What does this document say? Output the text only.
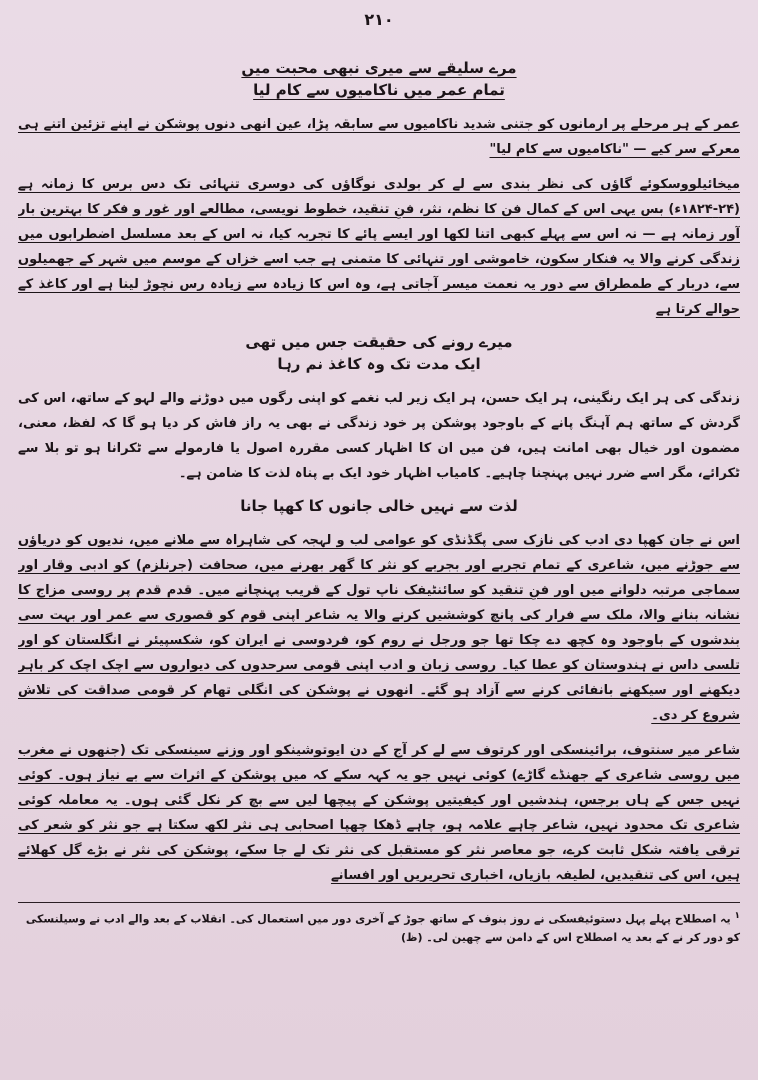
۲۱۰
مرے سلیقے سے میری نبھی محبت میں
تمام عمر میں ناکامیوں سے کام لیا

عمر کے ہر مرحلے پر ارمانوں کو جتنی شدید ناکامیوں سے سابقہ پڑا، عین انھی دنوں پوشکن نے اپنے تزئین اتنے ہی معرکے سر کیے — "ناکامیوں سے کام لیا"

میخائیلووسکوئے گاؤں کی نظر بندی سے لے کر بولدی نوگاؤں کی دوسری تنہائی تک دس برس کا زمانہ ہے (۲۴-۱۸۲۴ء) بس یہی اس کے کمال فن کا نظم، نثر، فنِ تنقید، خطوط نویسی، مطالعے اور غور و فکر کا بہترین بار آور زمانہ ہے — نہ اس سے پہلے کبھی اتنا لکھا اور ایسے پائے کا تجربہ کیا، نہ اس کے بعد مسلسل اضطرابوں میں زندگی کرنے والا یہ فنکار سکون، خاموشی اور تنہائی کا متمنی ہے جب اسے خزاں کے موسم میں شہر کے جھمیلوں سے، دربار کے طمطراق سے دور یہ نعمت میسر آجاتی ہے، وہ اس کا زیادہ سے زیادہ رس نچوڑ لینا ہے اور کاغذ کے حوالے کرتا ہے

میرے رونے کی حقیقت جس میں تھی
ایک مدت تک وہ کاغذ نم رہا

زندگی کی ہر ایک رنگینی، ہر ایک حسن، ہر ایک زیر لب نغمے کو اپنی رگوں میں دوڑنے والے لہو کے ساتھ، اس کی گردش کے ساتھ ہم آہنگ پانے کے باوجود پوشکن پر خود زندگی نے بھی یہ راز فاش کر دیا ہو گا کہ لفظ، معنی، مضمون اور خیال بھی امانت ہیں، فن میں ان کا اظہار کسی مقررہ اصول یا فارمولے سے ٹکرانا ہو تو بلا سے ٹکرائے، مگر اسے ضرر نہیں پہنچنا چاہیے۔ کامیاب اظہار خود ایک بے پناہ لذت کا ضامن ہے۔

لذت سے نہیں خالی جانوں کا کھپا جانا

اس نے جان کھپا دی ادب کی نازک سی پگڈنڈی کو عوامی لب و لہجہ کی شاہراہ سے ملانے میں، ندیوں کو دریاؤں سے جوڑنے میں، شاعری کے تمام تجربے اور بجربے کو نثر کا گھر بھرنے میں، صحافت (جرنلزم) کو ادبی وقار اور سماجی مرتبہ دلوانے میں اور فنِ تنقید کو سائنٹیفک ناپ تول کے قریب پہنچانے میں۔ قدم قدم پر روسی مزاج کا نشانہ بنانے والا، ملک سے فرار کی پانچ کوششیں کرنے والا یہ شاعر اپنی قوم کو قصوری سے عمر اور بہت سی بندشوں کے باوجود وہ کچھ دے چکا تھا جو ورجل نے روم کو، فردوسی نے ایران کو، شکسپیئر نے انگلستان کو اور تلسی داس نے ہندوستان کو عطا کیا۔ روسی زبان و ادب اپنی قومی سرحدوں کی دیواروں سے اچک اچک کر باہر دیکھنے اور سیکھنے بانفائی کرنے سے آزاد ہو گئے۔ انھوں نے پوشکن کی انگلی تھام کر قومی صداقت کی تلاش شروع کر دی۔

شاعر میر سنتوف، برائینسکی اور کرتوف سے لے کر آج کے دن ایوتوشینکو اور وزنے سینسکی تک (جنھوں نے مغرب میں روسی شاعری کے جھنڈے گاڑے) کوئی نہیں جو یہ کہہ سکے کہ میں پوشکن کے اثرات سے بے نیاز ہوں۔ کوئی نہیں جس کے ہاں برجس، ہندشیں اور کیفیتیں پوشکن کے پیچھا لیں سے بچ کر نکل گئی ہوں۔ یہ معاملہ کوئی شاعری تک محدود نہیں، شاعر چاہے علامہ ہو، چاہے ڈھکا چھپا اصحابی ہی نثر لکھ سکتا ہے جو نثر کو شعر کی ترقی یافتہ شکل ثابت کرے، جو معاصر نثر کو مستقبل کی نثر تک لے جا سکے، پوشکن کی نثر نے بڑے گل کھلائے ہیں، اس کی تنقیدیں، لطیفہ بازیاں، اخباری تحریریں اور افسانے

$^۱$ یہ اصطلاح پہلے پہل دستوئیفسکی نے روز بنوف کے ساتھ جوڑ کے آخری دور میں استعمال کی۔ انقلاب کے بعد والے ادب نے وسیلنسکی کو دور کر نے کے بعد یہ اصطلاح اس کے دامن سے چھین لی۔ (ظ)
